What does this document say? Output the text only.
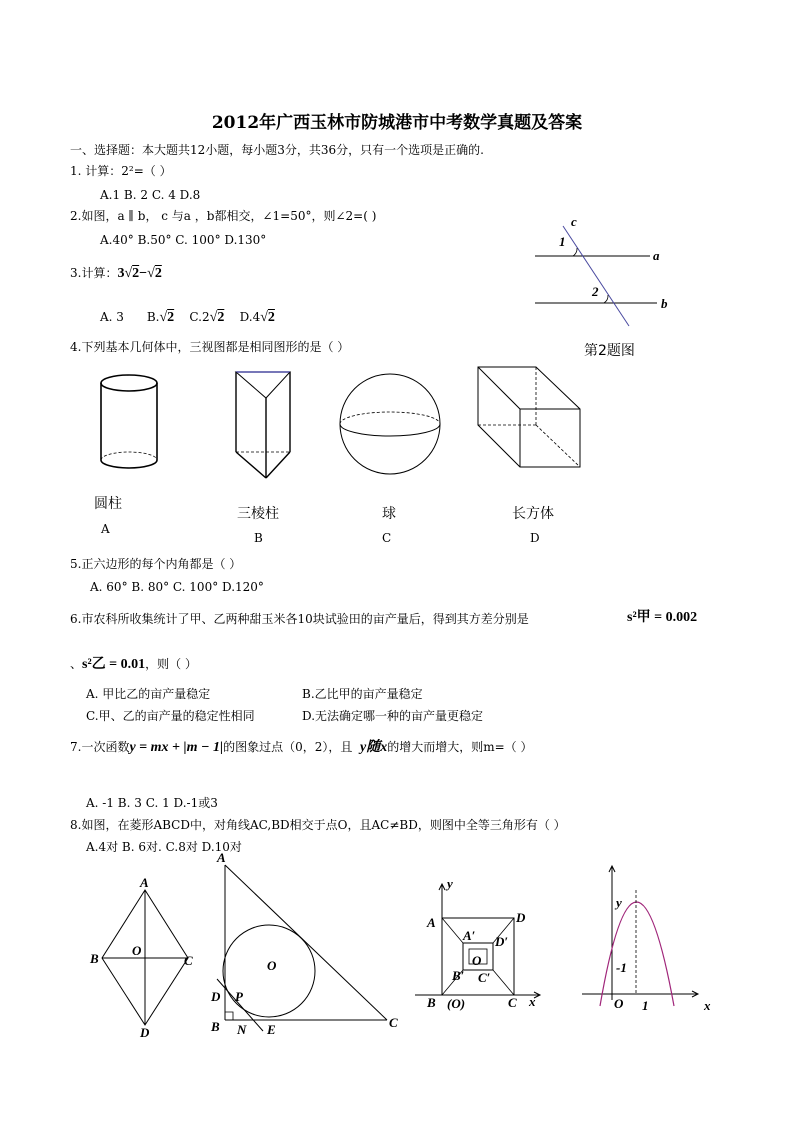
2012年广西玉林市防城港市中考数学真题及答案
一、选择题：本大题共12小题，每小题3分，共36分，只有一个选项是正确的.
1. 计算：2²=（ ）
A.1 B. 2 C. 4 D.8
2.如图，a ∥ b， c 与a ，b都相交，∠1=50°，则∠2=( )
A.40° B.50° C. 100° D.130°
c
a
b
1
2
第2题图
3.计算：3√2−√2
A. 3 B.√2 C.2√2 D.4√2
4.下列基本几何体中，三视图都是相同图形的是（ ）
圆柱
A
三棱柱
B
球
C
长方体
D
5.正六边形的每个内角都是（ ）
A. 60° B. 80° C. 100° D.120°
6.市农科所收集统计了甲、乙两种甜玉米各10块试验田的亩产量后，得到其方差分别是	s²甲 = 0.002
、s²乙 = 0.01，则（ ）
A. 甲比乙的亩产量稳定	B.乙比甲的亩产量稳定
C.甲、乙的亩产量的稳定性相同	D.无法确定哪一种的亩产量更稳定
7.一次函数y = mx + |m − 1|的图象过点（0，2），且 y随x的增大而增大，则m=（ ）
A. -1 B. 3 C. 1 D.-1或3
8.如图，在菱形ABCD中，对角线AC,BD相交于点O，且AC≠BD，则图中全等三角形有（ ）
A.4对 B. 6对. C.8对 D.10对
A
B
O
C
D
A
O
D P
B N E	C
y
A	D
A′ D′
O
B′ C′
B (O)	C x
y
-1
O 1	x
